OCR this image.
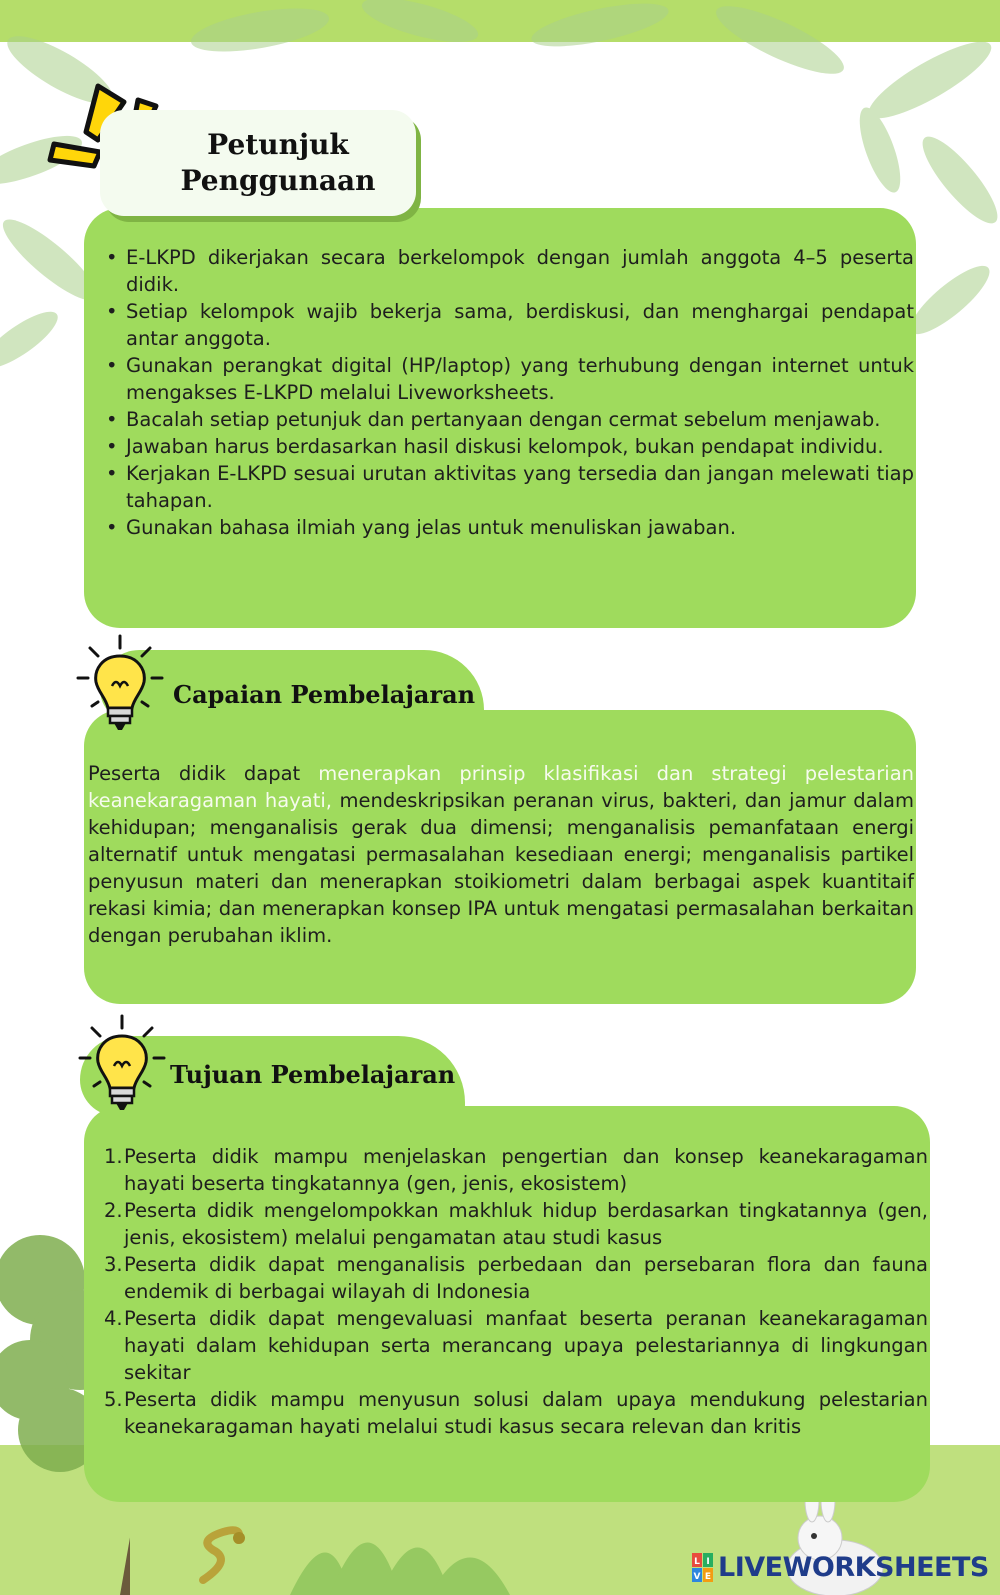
Petunjuk
Penggunaan
• E-LKPD dikerjakan secara berkelompok dengan jumlah anggota 4–5 peserta didik.
• Setiap kelompok wajib bekerja sama, berdiskusi, dan menghargai pendapat antar anggota.
• Gunakan perangkat digital (HP/laptop) yang terhubung dengan internet untuk mengakses E-LKPD melalui Liveworksheets.
• Bacalah setiap petunjuk dan pertanyaan dengan cermat sebelum menjawab.
• Jawaban harus berdasarkan hasil diskusi kelompok, bukan pendapat individu.
• Kerjakan E-LKPD sesuai urutan aktivitas yang tersedia dan jangan melewati tiap tahapan.
• Gunakan bahasa ilmiah yang jelas untuk menuliskan jawaban.
Capaian Pembelajaran

Peserta didik dapat menerapkan prinsip klasifikasi dan strategi pelestarian keanekaragaman hayati, mendeskripsikan peranan virus, bakteri, dan jamur dalam kehidupan; menganalisis gerak dua dimensi; menganalisis pemanfataan energi alternatif untuk mengatasi permasalahan kesediaan energi; menganalisis partikel penyusun materi dan menerapkan stoikiometri dalam berbagai aspek kuantitaif rekasi kimia; dan menerapkan konsep IPA untuk mengatasi permasalahan berkaitan dengan perubahan iklim.

Tujuan Pembelajaran
1. Peserta didik mampu menjelaskan pengertian dan konsep keanekaragaman hayati beserta tingkatannya (gen, jenis, ekosistem)
2. Peserta didik mengelompokkan makhluk hidup berdasarkan tingkatannya (gen, jenis, ekosistem) melalui pengamatan atau studi kasus
3. Peserta didik dapat menganalisis perbedaan dan persebaran flora dan fauna endemik di berbagai wilayah di Indonesia
4. Peserta didik dapat mengevaluasi manfaat beserta peranan keanekaragaman hayati dalam kehidupan serta merancang upaya pelestariannya di lingkungan sekitar
5. Peserta didik mampu menyusun solusi dalam upaya mendukung pelestarian keanekaragaman hayati melalui studi kasus secara relevan dan kritis
L I
V E LIVEWORKSHEETS
